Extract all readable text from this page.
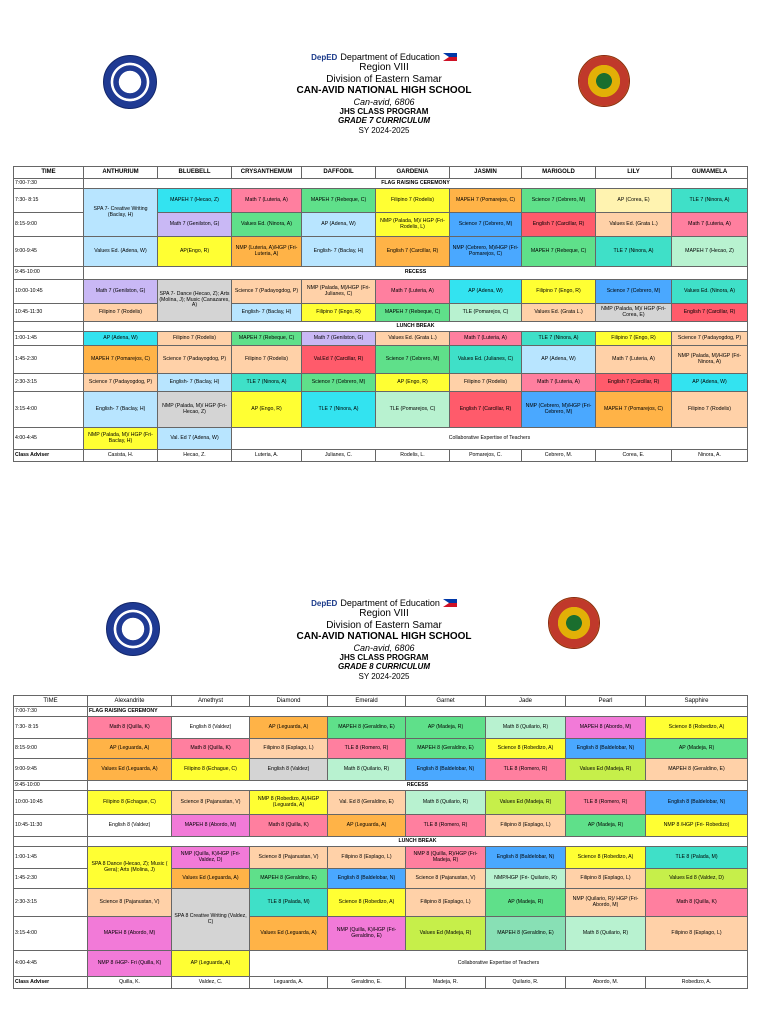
DepED Department of Education
Region VIII
Division of Eastern Samar
CAN-AVID NATIONAL HIGH SCHOOL
Can-avid, 6806
JHS CLASS PROGRAM
GRADE 7 CURRICULUM
SY 2024-2025
TIME	ANTHURIUM	BLUEBELL	CRYSANTHEMUM	DAFFODIL	GARDENIA	JASMIN	MARIGOLD	LILY	GUMAMELA
7:00-7:30	FLAG RAISING CEREMONY								
7:30- 8:15	SPA 7- Creative Writing (Baclay, H)	MAPEH 7 (Hecao, Z)	Math 7 (Luteria, A)	MAPEH 7 (Rebeque, C)	Filipino 7 (Rodelis)	MAPEH 7 (Pomarejos, C)	Science 7 (Cebrero, M)	AP (Corea, E)	TLE 7 (Ninora, A)
8:15-9:00		Math 7 (Genilston, G)	Values Ed. (Ninora, A)	AP (Adena, W)	NMP (Palada, M)/ HGP (Fri- Rodelis, L)	Science 7 (Cebrero, M)	English 7 (Carcillar, R)	Values Ed. (Grata L.)	Math 7 (Luteria, A)
9:00-9:45	Values Ed. (Adena, W)	AP(Engo, R)	NMP (Luteria, A)/HGP (Fri- Luteria, A)	English- 7 (Baclay, H)	English 7 (Carcillar, R)	NMP (Cebrero, M)/HGP (Fri- Pomarejos, C)	MAPEH 7 (Rebeque, C)	TLE 7 (Ninora, A)	MAPEH 7 (Hecao, Z)
9:45-10:00	RECESS								
10:00-10:45	Math 7 (Genilston, G)	SPA 7- Dance (Hecao, Z); Arts (Molina, J); Music (Canazares, A)	Science 7 (Padayogdog, P)	NMP (Palada, M)/HGP (Fri- Julianes, C)	Math 7 (Luteria, A)	AP (Adena, W)	Filipino 7 (Engo, R)	Science 7 (Cebrero, M)	Values Ed. (Ninora, A)
10:45-11:30	Filipino 7 (Rodelis)		English- 7 (Baclay, H)	Filipino 7 (Engo, R)	MAPEH 7 (Rebeque, C)	TLE (Pomarejos, C)	Values Ed. (Grata L.)	NMP (Palada, M)/ HGP (Fri- Corea, E)	English 7 (Carcillar, R)
	LUNCH BREAK								
1:00-1:45	AP (Adena, W)	Filipino 7 (Rodelis)	MAPEH 7 (Rebeque, C)	Math 7 (Genilston, G)	Values Ed. (Grata L.)	Math 7 (Luteria, A)	TLE 7 (Ninora, A)	Filipino 7 (Engo, R)	Science 7 (Padayogdog, P)
1:45-2:30	MAPEH 7 (Pomarejos, C)	Science 7 (Padayogdog, P)	Filipino 7 (Rodelis)	Val.Ed 7 (Carcillar, R)	Science 7 (Cebrero, M)	Values Ed. (Julianes, C)	AP (Adena, W)	Math 7 (Luteria, A)	NMP (Palada, M)/HGP (Fri- Ninora, A)
2:30-3:15	Science 7 (Padayogdog, P)	English- 7 (Baclay, H)	TLE 7 (Ninora, A)	Science 7 (Cebrero, M)	AP (Engo, R)	Filipino 7 (Rodelis)	Math 7 (Luteria, A)	English 7 (Carcillar, R)	AP (Adena, W)
3:15-4:00	English- 7 (Baclay, H)	NMP (Palada, M)/ HGP (Fri- Hecao, Z)	AP (Engo, R)	TLE 7 (Ninora, A)	TLE (Pomarejos, C)	English 7 (Carcillar, R)	NMP (Cebrero, M)/HGP (Fri- Cebrero, M)	MAPEH 7 (Pomarejos, C)	Filipino 7 (Rodelis)
4:00-4:45	NMP (Palada, M)/ HGP (Fri- Baclay, H)	Val. Ed 7 (Adena, W)	Collaborative Expertise of Teachers						
Class Adviser	Casista, H.	Hecao, Z.	Luteria, A.	Julianes, C.	Rodelis, L.	Pomarejos, C.	Cebrero, M.	Corea, E.	Ninora, A.
DepED Department of Education
Region VIII
Division of Eastern Samar
CAN-AVID NATIONAL HIGH SCHOOL
Can-avid, 6806
JHS CLASS PROGRAM
GRADE 8 CURRICULUM
SY 2024-2025
TIME	Alexandrite	Amethyst	Diamond	Emerald	Garnet	Jade	Pearl	Sapphire
7:00-7:30	FLAG RAISING CEREMONY							
7:30- 8:15	Math 8 (Quilla, K)	English 8 (Valdez)	AP (Leguarda, A)	MAPEH 8 (Geraldino, E)	AP (Madeja, R)	Math 8 (Quilario, R)	MAPEH 8 (Abordo, M)	Science 8 (Robedizo, A)
8:15-9:00	AP (Leguarda, A)	Math 8 (Quilla, K)	Filipino 8 (Esplago, L)	TLE 8 (Romero, R)	MAPEH 8 (Geraldino, E)	Science 8 (Robedizo, A)	English 8 (Baldelobar, N)	AP (Madeja, R)
9:00-9:45	Values Ed (Leguarda, A)	Filipino 8 (Echague, C)	English 8 (Valdez)	Math 8 (Quilario, R)	English 8 (Baldelobar, N)	TLE 8 (Romero, R)	Values Ed (Madeja, R)	MAPEH 8 (Geraldino, E)
9:45-10:00	RECESS							
10:00-10:45	Filipino 8 (Echague, C)	Science 8 (Pajanustan, V)	NMP 8 (Robedizo, A)/HGP (Leguarda, A)	Val. Ed 8 (Geraldino, E)	Math 8 (Quilario, R)	Values Ed (Madeja, R)	TLE 8 (Romero, R)	English 8 (Baldelobar, N)
10:45-11:30	English 8 (Valdez)	MAPEH 8 (Abordo, M)	Math 8 (Quilla, K)	AP (Leguarda, A)	TLE 8 (Romero, R)	Filipino 8 (Esplago, L)	AP (Madeja, R)	NMP 8 /HGP (Fri- Robedizo)
	LUNCH BREAK							
1:00-1:45	SPA 8 Dance (Hecao, Z); Music ( Gera); Arts (Molina, J)	NMP (Quilla, K)/HGP (Fri- Valdez, D)	Science 8 (Pajanustan, V)	Filipino 8 (Esplago, L)	NMP 8 (Quilla, R)/HGP (Fri- Madeja, R)	English 8 (Baldelobar, N)	Science 8 (Robedizo, A)	TLE 8 (Palada, M)
1:45-2:30		Values Ed (Leguarda, A)	MAPEH 8 (Geraldino, E)	English 8 (Baldelobar, N)	Science 8 (Pajanustan, V)	NMP/HGP (Fri- Quilario, R)	Filipino 8 (Esplago, L)	Values Ed 8 (Valdez, D)
2:30-3:15	Science 8 (Pajanustan, V)	SPA 8 Creative Writing (Valdez, C)	TLE 8 (Palada, M)	Science 8 (Robedizo, A)	Filipino 8 (Esplago, L)	AP (Madeja, R)	NMP (Quilario, R)/ HGP (Fri- Abordo, M)	Math 8 (Quilla, K)
3:15-4:00	MAPEH 8 (Abordo, M)		Values Ed (Leguarda, A)	NMP (Quilla, K)/HGP (Fri-Geraldino, E)	Values Ed (Madeja, R)	MAPEH 8 (Geraldino, E)	Math 8 (Quilario, R)	Filipino 8 (Esplago, L)
4:00-4:45	NMP 8 /HGP- Fri (Quilla, K)	AP (Leguarda, A)	Collaborative Expertise of Teachers					
Class Adviser	Quilla, K.	Valdez, C.	Leguarda, A.	Geraldino, E.	Madeja, R.	Quilario, R.	Abordo, M.	Robedizo, A.
